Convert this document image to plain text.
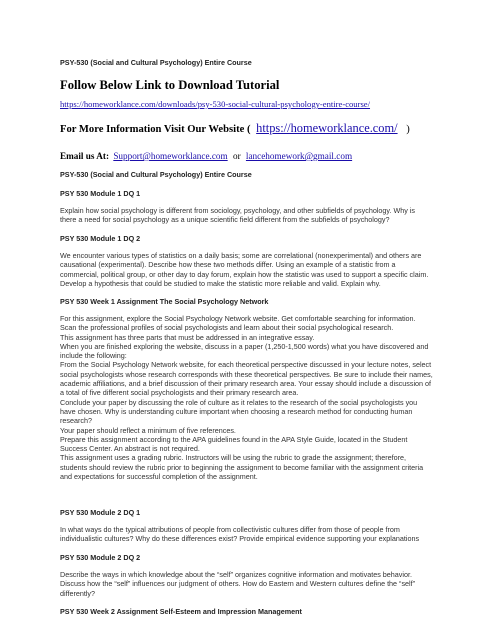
PSY-530 (Social and Cultural Psychology) Entire Course
Follow Below Link to Download Tutorial
https://homeworklance.com/downloads/psy-530-social-cultural-psychology-entire-course/
For More Information Visit Our Website ( https://homeworklance.com/ )
Email us At: Support@homeworklance.com or lancehomework@gmail.com
PSY-530 (Social and Cultural Psychology) Entire Course
PSY 530 Module 1 DQ 1
Explain how social psychology is different from sociology, psychology, and other subfields of psychology. Why is
there a need for social psychology as a unique scientific field different from the subfields of psychology?
PSY 530 Module 1 DQ 2
We encounter various types of statistics on a daily basis; some are correlational (nonexperimental) and others are
causational (experimental). Describe how these two methods differ. Using an example of a statistic from a
commercial, political group, or other day to day forum, explain how the statistic was used to support a specific claim.
Develop a hypothesis that could be studied to make the statistic more reliable and valid. Explain why.
PSY 530 Week 1 Assignment The Social Psychology Network
For this assignment, explore the Social Psychology Network website. Get comfortable searching for information.
Scan the professional profiles of social psychologists and learn about their social psychological research.
This assignment has three parts that must be addressed in an integrative essay.
When you are finished exploring the website, discuss in a paper (1,250-1,500 words) what you have discovered and
include the following:
From the Social Psychology Network website, for each theoretical perspective discussed in your lecture notes, select
social psychologists whose research corresponds with these theoretical perspectives. Be sure to include their names,
academic affiliations, and a brief discussion of their primary research area. Your essay should include a discussion of
a total of five different social psychologists and their primary research area.
Conclude your paper by discussing the role of culture as it relates to the research of the social psychologists you
have chosen. Why is understanding culture important when choosing a research method for conducting human
research?
Your paper should reflect a minimum of five references.
Prepare this assignment according to the APA guidelines found in the APA Style Guide, located in the Student
Success Center. An abstract is not required.
This assignment uses a grading rubric. Instructors will be using the rubric to grade the assignment; therefore,
students should review the rubric prior to beginning the assignment to become familiar with the assignment criteria
and expectations for successful completion of the assignment.
PSY 530 Module 2 DQ 1
In what ways do the typical attributions of people from collectivistic cultures differ from those of people from
individualistic cultures? Why do these differences exist? Provide empirical evidence supporting your explanations
PSY 530 Module 2 DQ 2
Describe the ways in which knowledge about the “self” organizes cognitive information and motivates behavior.
Discuss how the “self” influences our judgment of others. How do Eastern and Western cultures define the “self”
differently?
PSY 530 Week 2 Assignment Self-Esteem and Impression Management
